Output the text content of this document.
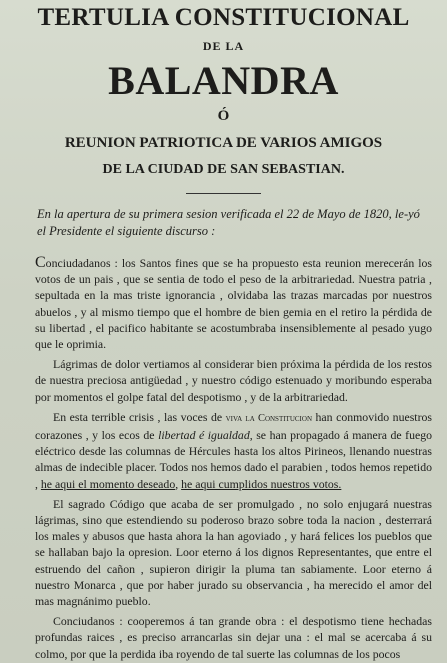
TERTULIA CONSTITUCIONAL
DE LA
BALANDRA
Ó
REUNION PATRIOTICA DE VARIOS AMIGOS
DE LA CIUDAD DE SAN SEBASTIAN.
En la apertura de su primera sesion verificada el 22 de Mayo de 1820, le-yó el Presidente el siguiente discurso :

Conciudadanos : los Santos fines que se ha propuesto esta reunion merecerán los votos de un pais , que se sentia de todo el peso de la arbitrariedad. Nuestra patria , sepultada en la mas triste ignorancia , olvidaba las trazas marcadas por nuestros abuelos , y al mismo tiempo que el hombre de bien gemia en el retiro la pérdida de su libertad , el pacifico habitante se acostumbraba insensiblemente al pesado yugo que le oprimia.

Lágrimas de dolor vertiamos al considerar bien próxima la pérdida de los restos de nuestra preciosa antigüedad , y nuestro código estenuado y moribundo esperaba por momentos el golpe fatal del despotismo , y de la arbitrariedad.

En esta terrible crisis , las voces de viva la Constitucion han conmovido nuestros corazones , y los ecos de libertad é igualdad, se han propagado á manera de fuego eléctrico desde las columnas de Hércules hasta los altos Pirineos, llenando nuestras almas de indecible placer. Todos nos hemos dado el parabien , todos hemos repetido , he aqui el momento deseado, he aqui cumplidos nuestros votos.

El sagrado Código que acaba de ser promulgado , no solo enjugará nuestras lágrimas, sino que estendiendo su poderoso brazo sobre toda la nacion , desterrará los males y abusos que hasta ahora la han agoviado , y hará felices los pueblos que se hallaban bajo la opresion. Loor eterno á los dignos Representantes, que entre el estruendo del cañon , supieron dirigir la pluma tan sabiamente. Loor eterno á nuestro Monarca , que por haber jurado su observancia , ha merecido el amor del mas magnánimo pueblo.

Conciudanos : cooperemos á tan grande obra : el despotismo tiene hechadas profundas raices , es preciso arrancarlas sin dejar una : el mal se acercaba á su colmo, por que la perdida iba royendo de tal suerte las columnas de los pocos
